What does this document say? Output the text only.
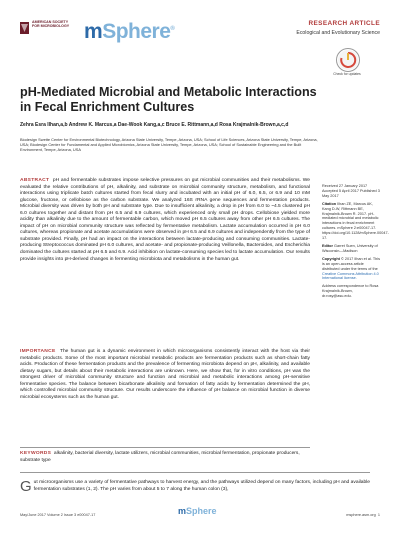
AMERICAN SOCIETY FOR MICROBIOLOGY mSphere®
RESEARCH ARTICLE
Ecological and Evolutionary Science
Check for updates
pH-Mediated Microbial and Metabolic Interactions in Fecal Enrichment Cultures
Zehra Esra Ilhan,a,b Andrew K. Marcus,a Dae-Wook Kang,a,c Bruce E. Rittmann,a,d Rosa Krajmalnik-Brown,a,c,d
Biodesign Swette Center for Environmental Biotechnology, Arizona State University, Tempe, Arizona, USA; School of Life Sciences, Arizona State University, Tempe, Arizona, USA; Biodesign Center for Fundamental and Applied Microbiomics, Arizona State University, Tempe, Arizona, USA; School of Sustainable Engineering and the Built Environment, Tempe, Arizona, USA
ABSTRACT pH and fermentable substrates impose selective pressures on gut microbial communities and their metabolisms. We evaluated the relative contributions of pH, alkalinity, and substrate on microbial community structure, metabolism, and functional interactions using triplicate batch cultures started from fecal slurry and incubated with an initial pH of 6.0, 6.5, or 6.9 and 10 mM glucose, fructose, or cellobiose as the carbon substrate. We analyzed 16S rRNA gene sequences and fermentation products. Microbial diversity was driven by both pH and substrate type. Due to insufficient alkalinity, a drop in pH from 6.0 to ~4.5 clustered pH 6.0 cultures together and distant from pH 6.5 and 6.9 cultures, which experienced only small pH drops. Cellobiose yielded more acidity than alkalinity due to the amount of fermentable carbon, which moved pH 6.5 cultures away from other pH 6.5 cultures. The impact of pH on microbial community structure was reflected by fermentative metabolism. Lactate accumulation occurred in pH 6.0 cultures, whereas propionate and acetate accumulations were observed in pH 6.5 and 6.9 cultures and independently from the type of substrate provided. Finally, pH had an impact on the interactions between lactate-producing and consuming communities. Lactate-producing Streptococcus dominated pH 6.0 cultures, and acetate- and propionate-producing Veillonella, Bacteroides, and Escherichia dominated the cultures started at pH 6.5 and 6.9. Acid inhibition on lactate-consuming species led to lactate accumulation. Our results provide insights into pH-derived changes in fermenting microbiota and metabolisms in the human gut.
IMPORTANCE The human gut is a dynamic environment in which microorganisms consistently interact with the host via their metabolic products. Some of the most important microbial metabolic products are fermentation products such as short-chain fatty acids. Production of these fermentation products and the prevalence of fermenting microbiota depend on pH, alkalinity, and available dietary sugars, but details about their metabolic interactions are unknown. Here, we show that, for in vitro conditions, pH was the strongest driver of microbial community structure and function and microbial and metabolic interactions among pH-sensitive fermentative species. The balance between bicarbonate alkalinity and formation of fatty acids by fermentation determined the pH, which controlled microbial community structure. Our results underscore the influence of pH balance on microbial function in diverse microbial ecosystems such as the human gut.
KEYWORDS alkalinity, bacterial diversity, lactate utilizers, microbial communities, microbial fermentation, propionate producers, substrate type
Gut microorganisms use a variety of fermentative pathways to harvest energy, and the pathways utilized depend on many factors, including pH and available fermentation substrates (1, 2). The pH varies from about 5 to 7 along the human colon (3),
Received 27 January 2017 Accepted 5 April 2017 Published 3 May 2017
Citation Ilhan ZE, Marcus AK, Kang D-W, Rittmann BE, Krajmalnik-Brown R. 2017. pH-mediated microbial and metabolic interactions in fecal enrichment cultures. mSphere 2:e00047-17. https://doi.org/10.1128/mSphere.00047-17.
Editor Garret Suen, University of Wisconsin—Madison
Copyright © 2017 Ilhan et al. This is an open-access article distributed under the terms of the Creative Commons Attribution 4.0 International license.
Address correspondence to Rosa Krajmalnik-Brown, dr.rosy@asu.edu.
May/June 2017 Volume 2 Issue 3 e00047-17	mSphere	msphere.asm.org 1
